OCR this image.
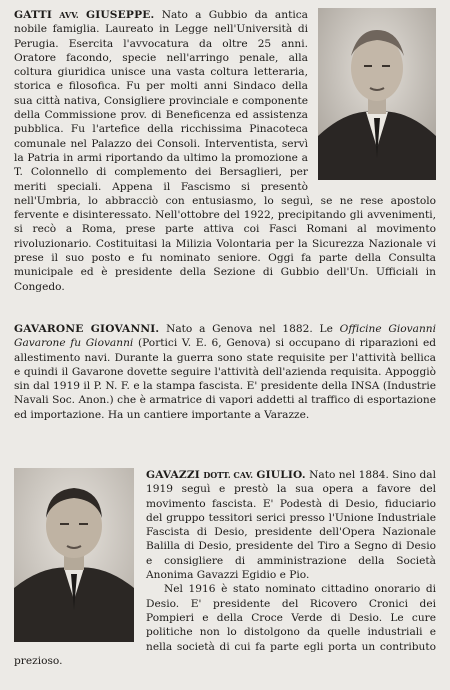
GATTI AVV. GIUSEPPE. Nato a Gubbio da antica nobile famiglia. Laureato in Legge nell'Università di Perugia. Esercita l'avvocatura da oltre 25 anni. Oratore facondo, specie nell'arringo penale, alla coltura giuridica unisce una vasta coltura letteraria, storica e filosofica. Fu per molti anni Sindaco della sua città nativa, Consigliere provinciale e componente della Commissione prov. di Beneficenza ed assistenza pubblica. Fu l'artefice della ricchissima Pinacoteca comunale nel Palazzo dei Consoli. Interventista, servì la Patria in armi riportando da ultimo la promozione a T. Colonnello di complemento dei Bersaglieri, per meriti speciali. Appena il Fascismo si presentò nell'Umbria, lo abbracciò con entusiasmo, lo seguì, se ne rese apostolo fervente e disinteressato. Nell'ottobre del 1922, precipitando gli avvenimenti, si recò a Roma, prese parte attiva coi Fasci Romani al movimento rivoluzionario. Costituitasi la Milizia Volontaria per la Sicurezza Nazionale vi prese il suo posto e fu nominato seniore. Oggi fa parte della Consulta municipale ed è presidente della Sezione di Gubbio dell'Un. Ufficiali in Congedo.

GAVARONE GIOVANNI. Nato a Genova nel 1882. Le Officine Giovanni Gavarone fu Giovanni (Portici V. E. 6, Genova) si occupano di riparazioni ed allestimento navi. Durante la guerra sono state requisite per l'attività bellica e quindi il Gavarone dovette seguire l'attività dell'azienda requisita. Appoggiò sin dal 1919 il P. N. F. e la stampa fascista. E' presidente della INSA (Industrie Navali Soc. Anon.) che è armatrice di vapori addetti al traffico di esportazione ed importazione. Ha un cantiere importante a Varazze.

GAVAZZI DOTT. CAV. GIULIO. Nato nel 1884. Sino dal 1919 seguì e prestò la sua opera a favore del movimento fascista. E' Podestà di Desio, fiduciario del gruppo tessitori serici presso l'Unione Industriale Fascista di Desio, presidente dell'Opera Nazionale Balilla di Desio, presidente del Tiro a Segno di Desio e consigliere di amministrazione della Società Anonima Gavazzi Egidio e Pio.

Nel 1916 è stato nominato cittadino onorario di Desio. E' presidente del Ricovero Cronici dei Pompieri e della Croce Verde di Desio. Le cure politiche non lo distolgono da quelle industriali e nella società di cui fa parte egli porta un contributo prezioso.
